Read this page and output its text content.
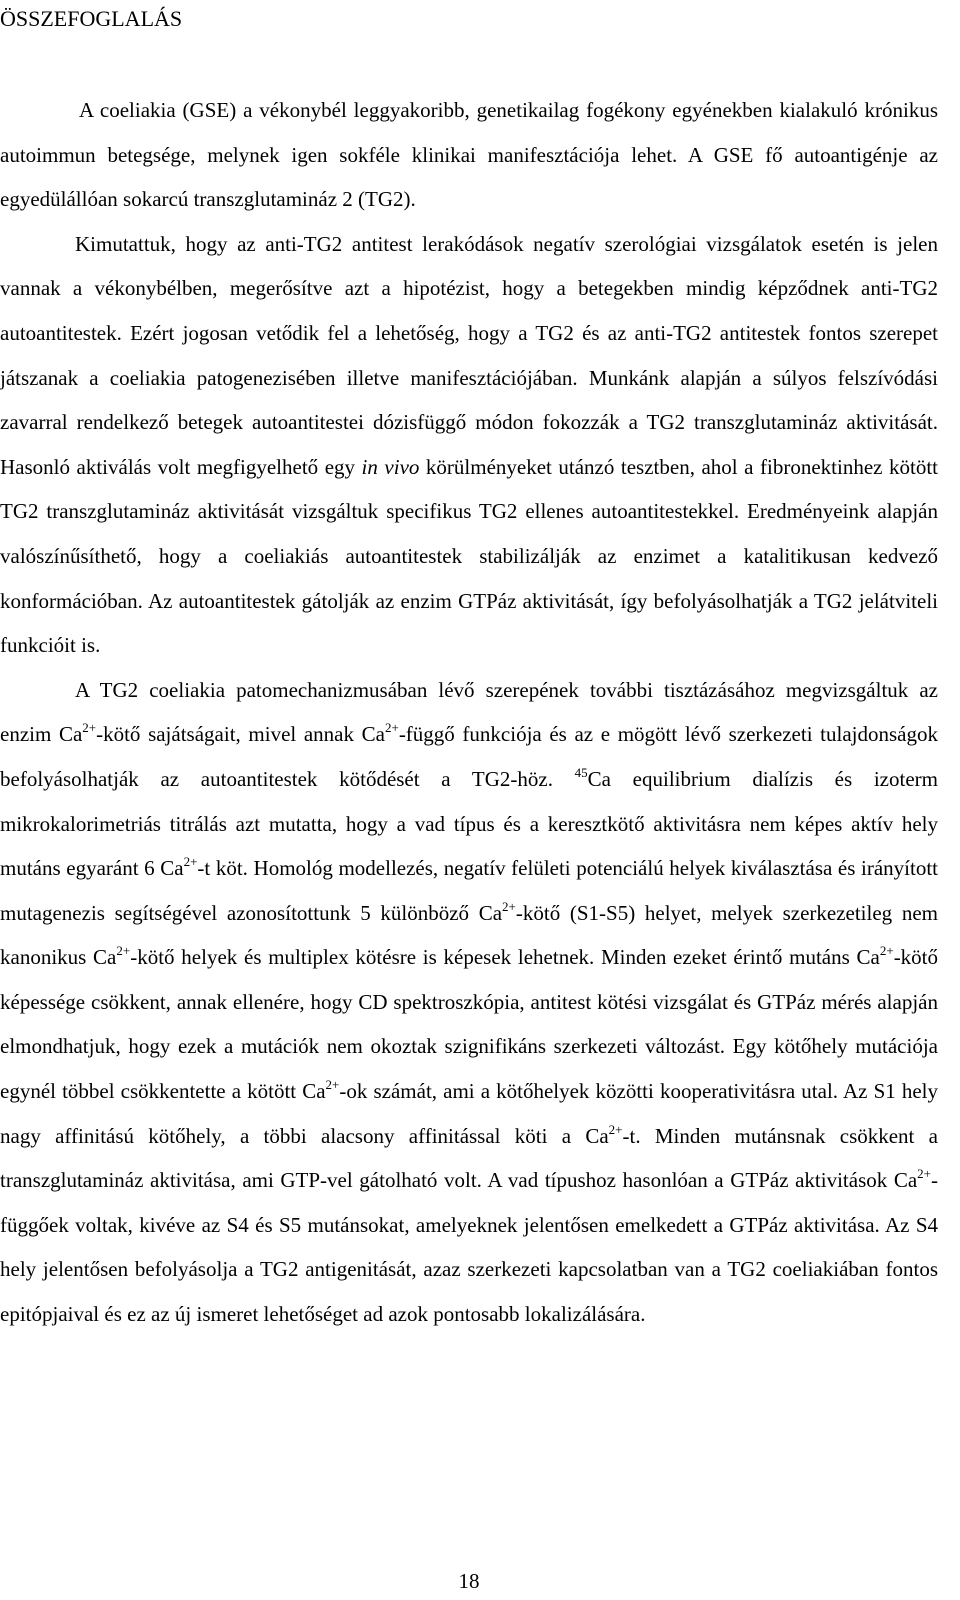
ÖSSZEFOGLALÁS

A coeliakia (GSE) a vékonybél leggyakoribb, genetikailag fogékony egyénekben kialakuló krónikus autoimmun betegsége, melynek igen sokféle klinikai manifesztációja lehet. A GSE fő autoantigénje az egyedülállóan sokarcú transzglutamináz 2 (TG2).

Kimutattuk, hogy az anti-TG2 antitest lerakódások negatív szerológiai vizsgálatok esetén is jelen vannak a vékonybélben, megerősítve azt a hipotézist, hogy a betegekben mindig képződnek anti-TG2 autoantitestek. Ezért jogosan vetődik fel a lehetőség, hogy a TG2 és az anti-TG2 antitestek fontos szerepet játszanak a coeliakia patogenezisében illetve manifesztációjában. Munkánk alapján a súlyos felszívódási zavarral rendelkező betegek autoantitestei dózisfüggő módon fokozzák a TG2 transzglutamináz aktivitását. Hasonló aktiválás volt megfigyelhető egy in vivo körülményeket utánzó tesztben, ahol a fibronektinhez kötött TG2 transzglutamináz aktivitását vizsgáltuk specifikus TG2 ellenes autoantitestekkel. Eredményeink alapján valószínűsíthető, hogy a coeliakiás autoantitestek stabilizálják az enzimet a katalitikusan kedvező konformációban. Az autoantitestek gátolják az enzim GTPáz aktivitását, így befolyásolhatják a TG2 jelátviteli funkcióit is.

A TG2 coeliakia patomechanizmusában lévő szerepének további tisztázásához megvizsgáltuk az enzim $Ca^{2+}$-kötő sajátságait, mivel annak $Ca^{2+}$-függő funkciója és az e mögött lévő szerkezeti tulajdonságok befolyásolhatják az autoantitestek kötődését a TG2-höz. $^{45}$Ca equilibrium dialízis és izoterm mikrokalorimetriás titrálás azt mutatta, hogy a vad típus és a keresztkötő aktivitásra nem képes aktív hely mutáns egyaránt 6 $Ca^{2+}-t$ köt. Homológ modellezés, negatív felületi potenciálú helyek kiválasztása és irányított mutagenezis segítségével azonosítottunk 5 különböző $Ca^{2+}$-kötő (S1-S5) helyet, melyek szerkezetileg nem kanonikus $Ca^{2+}$-kötő helyek és multiplex kötésre is képesek lehetnek. Minden ezeket érintő mutáns $Ca^{2+}$-kötő képessége csökkent, annak ellenére, hogy CD spektroszkópia, antitest kötési vizsgálat és GTPáz mérés alapján elmondhatjuk, hogy ezek a mutációk nem okoztak szignifikáns szerkezeti változást. Egy kötőhely mutációja egynél többel csökkentette a kötött $Ca^{2+}-ok$ számát, ami a kötőhelyek közötti kooperativitásra utal. Az S1 hely nagy affinitású kötőhely, a többi alacsony affinitással köti a $Ca^{2+}-t$. Minden mutánsnak csökkent a transzglutamináz aktivitása, ami GTP-vel gátolható volt. A vad típushoz hasonlóan a GTPáz aktivitások $Ca^{2+}$-függőek voltak, kivéve az S4 és S5 mutánsokat, amelyeknek jelentősen emelkedett a GTPáz aktivitása. Az S4 hely jelentősen befolyásolja a TG2 antigenitását, azaz szerkezeti kapcsolatban van a TG2 coeliakiában fontos epitópjaival és ez az új ismeret lehetőséget ad azok pontosabb lokalizálására.

18
